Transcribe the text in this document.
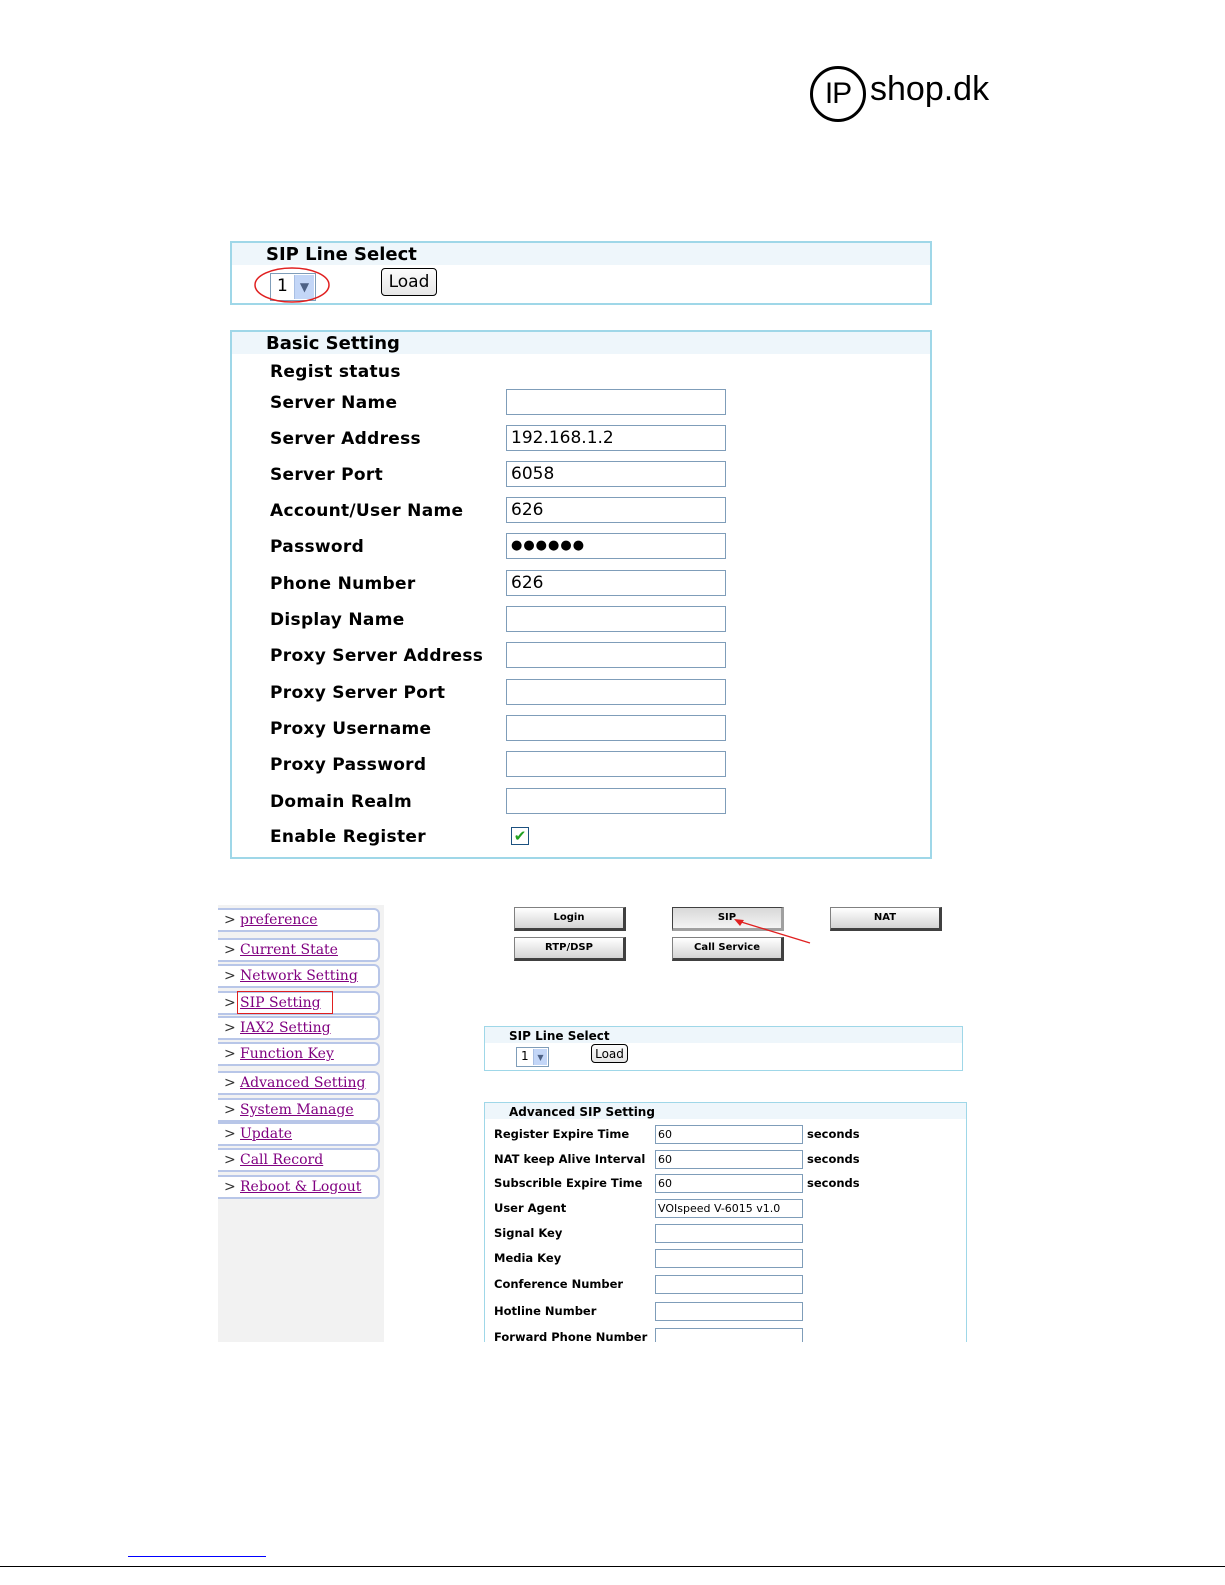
IP shop.dk
SIP Line Select
1	▼	Load
Basic Setting
Regist status
Server Name
Server Address	192.168.1.2
Server Port	6058
Account/User Name	626
Password	●●●●●●
Phone Number	626
Display Name
Proxy Server Address
Proxy Server Port
Proxy Username
Proxy Password
Domain Realm
Enable Register	✔
> preference
> Current State
> Network Setting
> SIP Setting
> IAX2 Setting
> Function Key
> Advanced Setting
> System Manage
> Update
> Call Record
> Reboot & Logout
Login	SIP	NAT
RTP/DSP	Call Service
SIP Line Select
1	▼	Load
Advanced SIP Setting
Register Expire Time	60	seconds
NAT keep Alive Interval 60	seconds
Subscrible Expire Time 60	seconds
User Agent	VOIspeed V-6015 v1.0
Signal Key
Media Key
Conference Number
Hotline Number
Forward Phone Number
